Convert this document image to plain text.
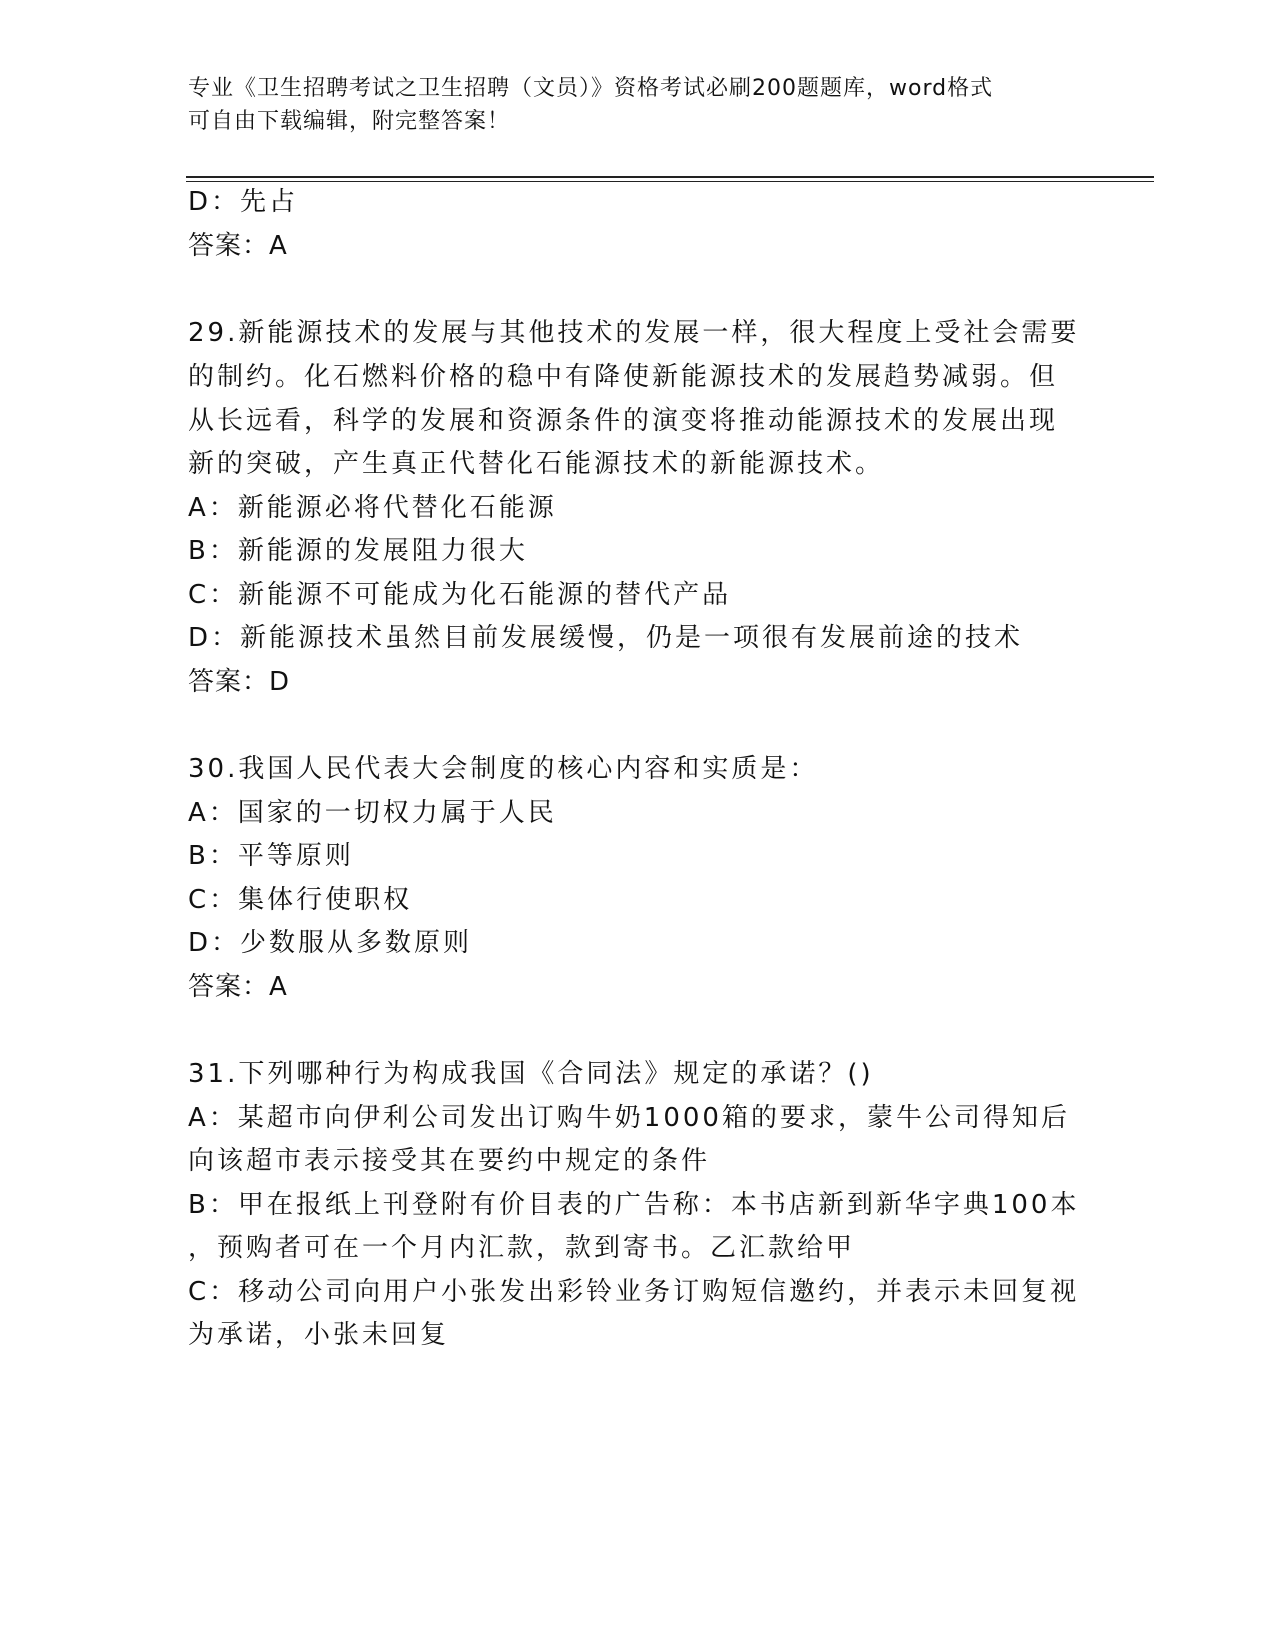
专业《卫生招聘考试之卫生招聘（文员）》资格考试必刷200题题库，word格式
可自由下载编辑，附完整答案！
D：先占
答案：A
29.新能源技术的发展与其他技术的发展一样，很大程度上受社会需要
的制约。化石燃料价格的稳中有降使新能源技术的发展趋势减弱。但
从长远看，科学的发展和资源条件的演变将推动能源技术的发展出现
新的突破，产生真正代替化石能源技术的新能源技术。
A：新能源必将代替化石能源
B：新能源的发展阻力很大
C：新能源不可能成为化石能源的替代产品
D：新能源技术虽然目前发展缓慢，仍是一项很有发展前途的技术
答案：D
30.我国人民代表大会制度的核心内容和实质是：
A：国家的一切权力属于人民
B：平等原则
C：集体行使职权
D：少数服从多数原则
答案：A
31.下列哪种行为构成我国《合同法》规定的承诺？()
A：某超市向伊利公司发出订购牛奶1000箱的要求，蒙牛公司得知后
向该超市表示接受其在要约中规定的条件
B：甲在报纸上刊登附有价目表的广告称：本书店新到新华字典100本
，预购者可在一个月内汇款，款到寄书。乙汇款给甲
C：移动公司向用户小张发出彩铃业务订购短信邀约，并表示未回复视
为承诺，小张未回复
